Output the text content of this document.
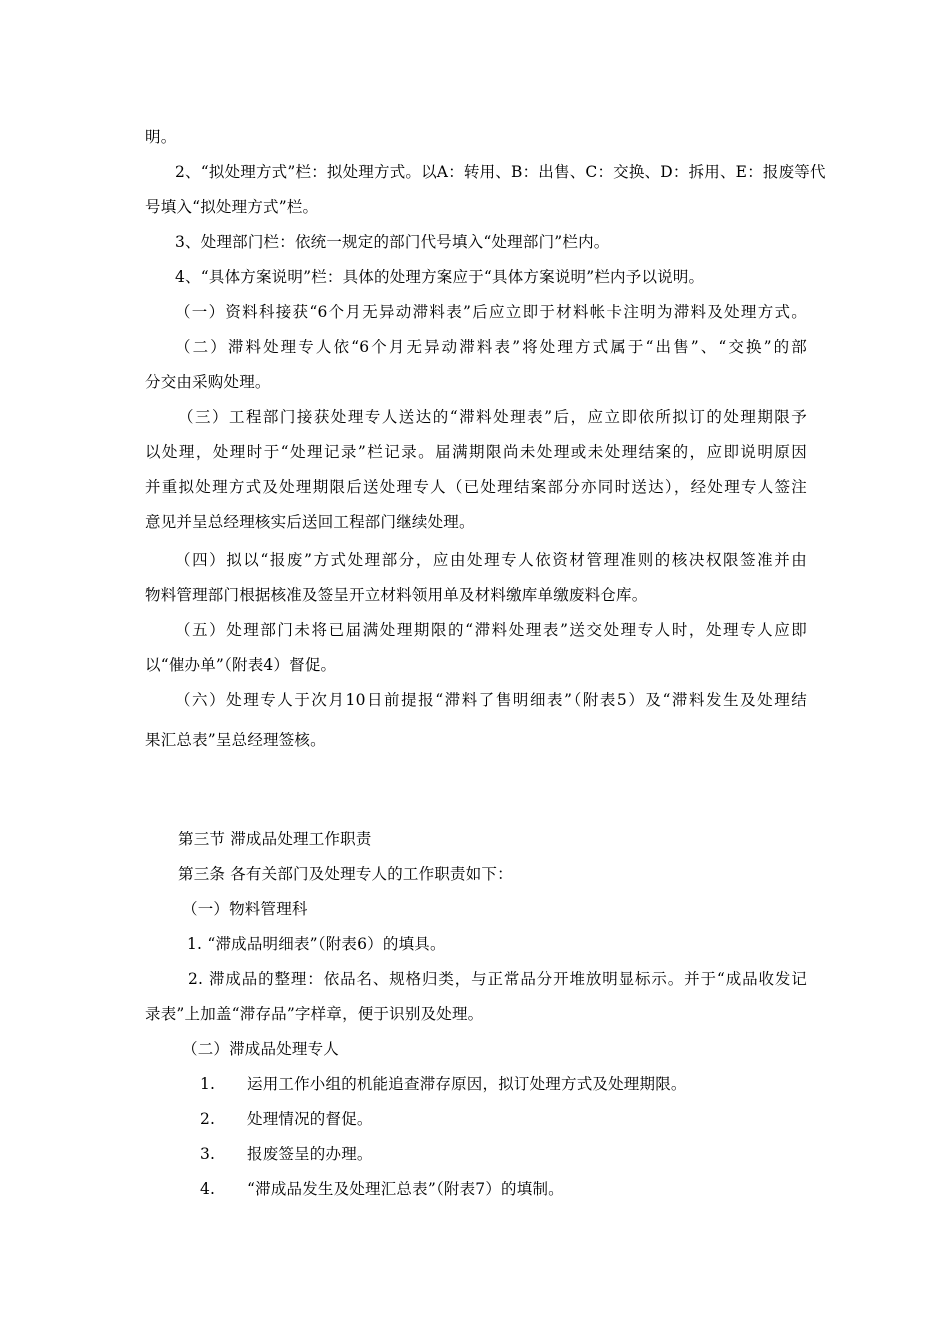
明。
2、“拟处理方式”栏：拟处理方式。以A：转用、B：出售、C：交换、D：拆用、E：报废等代
号填入“拟处理方式”栏。
3、处理部门栏：依统一规定的部门代号填入“处理部门”栏内。
4、“具体方案说明”栏：具体的处理方案应于“具体方案说明”栏内予以说明。
（一）资料科接获“6个月无异动滞料表”后应立即于材料帐卡注明为滞料及处理方式。
（二）滞料处理专人依“6个月无异动滞料表”将处理方式属于“出售”、“交换”的部
分交由采购处理。
（三）工程部门接获处理专人送达的“滞料处理表”后，应立即依所拟订的处理期限予
以处理，处理时于“处理记录”栏记录。届满期限尚未处理或未处理结案的，应即说明原因
并重拟处理方式及处理期限后送处理专人（已处理结案部分亦同时送达），经处理专人签注
意见并呈总经理核实后送回工程部门继续处理。
（四）拟以“报废”方式处理部分，应由处理专人依资材管理准则的核决权限签准并由
物料管理部门根据核准及签呈开立材料领用单及材料缴库单缴废料仓库。
（五）处理部门未将已届满处理期限的“滞料处理表”送交处理专人时，处理专人应即
以“催办单”（附表4）督促。
（六）处理专人于次月10日前提报“滞料了售明细表”（附表5）及“滞料发生及处理结
果汇总表”呈总经理签核。
第三节 滞成品处理工作职责
第三条 各有关部门及处理专人的工作职责如下：
（一）物料管理科
1. “滞成品明细表”（附表6）的填具。
2. 滞成品的整理：依品名、规格归类，与正常品分开堆放明显标示。并于“成品收发记
录表”上加盖“滞存品”字样章，便于识别及处理。
（二）滞成品处理专人
1. 运用工作小组的机能追查滞存原因，拟订处理方式及处理期限。
2. 处理情况的督促。
3. 报废签呈的办理。
4. “滞成品发生及处理汇总表”（附表7）的填制。
